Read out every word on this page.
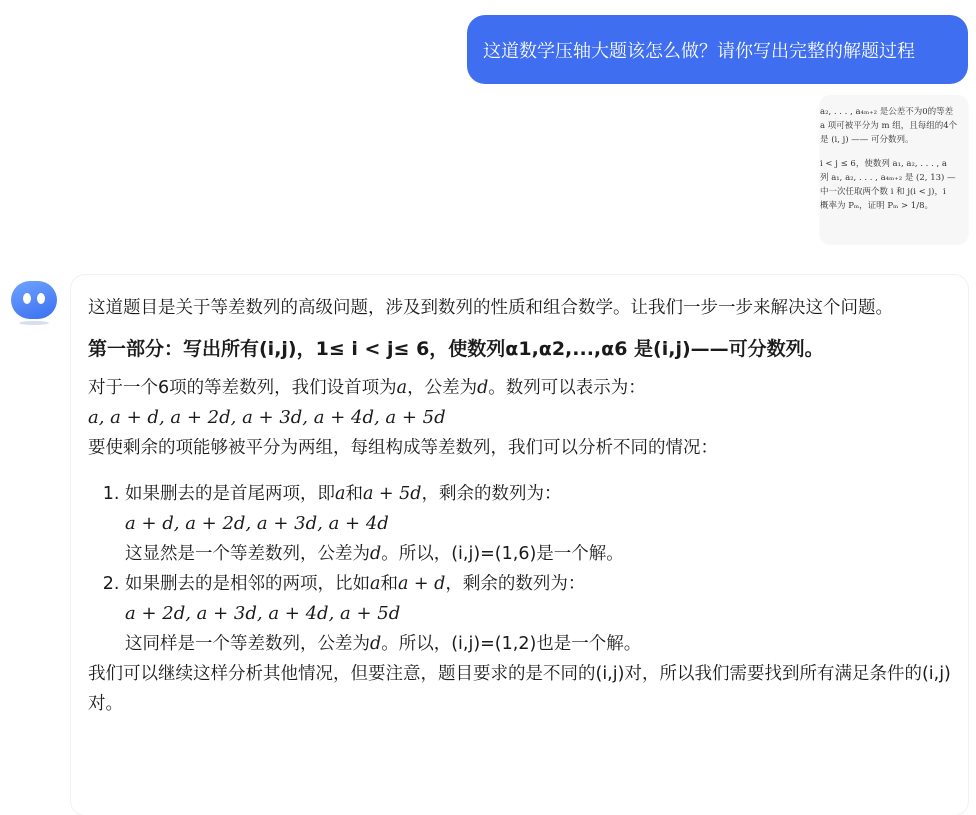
这道数学压轴大题该怎么做？请你写出完整的解题过程
a₂, . . . , a₄ₘ₊₂ 是公差不为0的等差
a 项可被平分为 m 组，且每组的4个
是 (i, j) —— 可分数列。
i < j ≤ 6，使数列 a₁, a₂, . . . , a
列 a₁, a₂, . . . , a₄ₘ₊₂ 是 (2, 13) —
中一次任取两个数 i 和 j(i < j)，i
概率为 Pₘ，证明 Pₘ > 1/8。

这道题目是关于等差数列的高级问题，涉及到数列的性质和组合数学。让我们一步一步来解决这个问题。

第一部分：写出所有(i,j)，1≤ i < j≤ 6，使数列α1,α2,...,α6 是(i,j)——可分数列。

对于一个6项的等差数列，我们设首项为a，公差为d。数列可以表示为：

a, a + d, a + 2d, a + 3d, a + 4d, a + 5d

要使剩余的项能够被平分为两组，每组构成等差数列，我们可以分析不同的情况：

1. 如果删去的是首尾两项，即a和a + 5d，剩余的数列为：
a + d, a + 2d, a + 3d, a + 4d
这显然是一个等差数列，公差为d。所以，(i,j)=(1,6)是一个解。
2. 如果删去的是相邻的两项，比如a和a + d，剩余的数列为：
a + 2d, a + 3d, a + 4d, a + 5d
这同样是一个等差数列，公差为d。所以，(i,j)=(1,2)也是一个解。

我们可以继续这样分析其他情况，但要注意，题目要求的是不同的(i,j)对，所以我们需要找到所有满足条件的(i,j)对。
